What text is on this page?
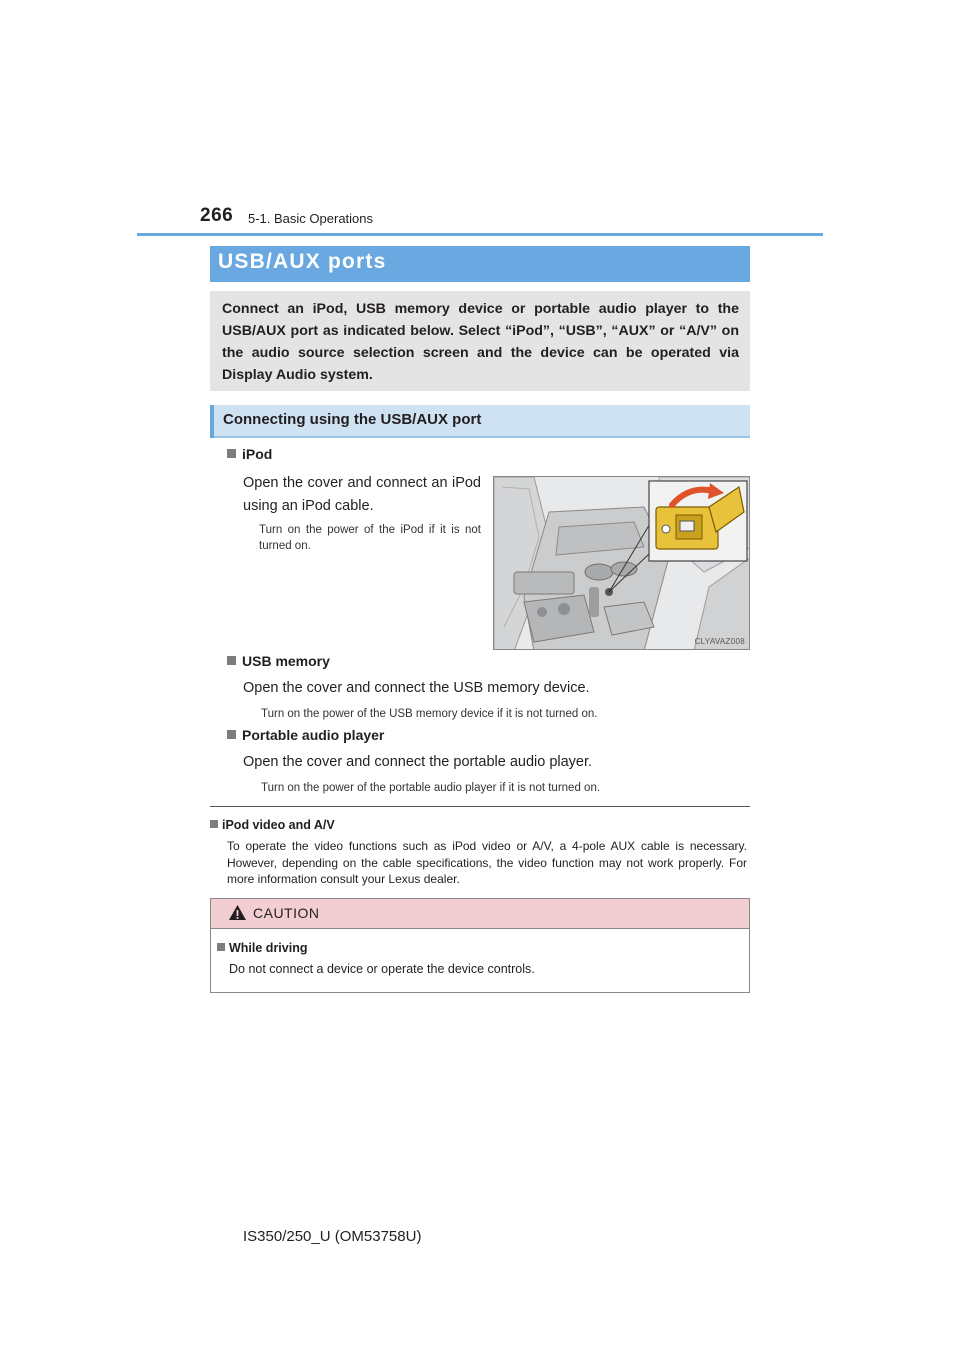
266 5-1. Basic Operations
USB/AUX ports

Connect an iPod, USB memory device or portable audio player to the USB/AUX port as indicated below. Select “iPod”, “USB”, “AUX” or “A/V” on the audio source selection screen and the device can be operated via Display Audio system.

Connecting using the USB/AUX port
iPod
Open the cover and connect an iPod using an iPod cable.
Turn on the power of the iPod if it is not turned on.
CLYAVAZ008
USB memory
Open the cover and connect the USB memory device.
Turn on the power of the USB memory device if it is not turned on.
Portable audio player
Open the cover and connect the portable audio player.
Turn on the power of the portable audio player if it is not turned on.
iPod video and A/V
To operate the video functions such as iPod video or A/V, a 4-pole AUX cable is necessary. However, depending on the cable specifications, the video function may not work properly. For more information consult your Lexus dealer.
CAUTION
While driving
Do not connect a device or operate the device controls.
IS350/250_U (OM53758U)
